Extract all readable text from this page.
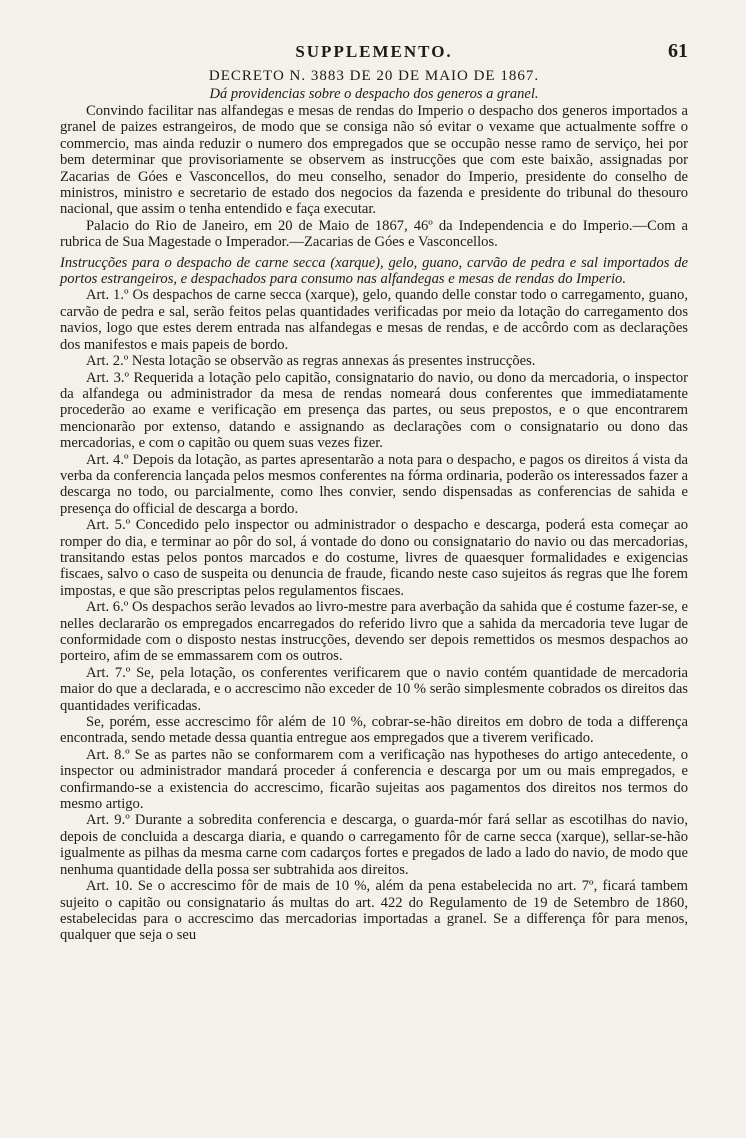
SUPPLEMENTO.	61
DECRETO N. 3883 DE 20 DE MAIO DE 1867.
Dá providencias sobre o despacho dos generos a granel.

Convindo facilitar nas alfandegas e mesas de rendas do Imperio o despacho dos generos importados a granel de paizes estrangeiros, de modo que se consiga não só evitar o vexame que actualmente soffre o commercio, mas ainda reduzir o numero dos empregados que se occupão nesse ramo de serviço, hei por bem determinar que provisoriamente se observem as instrucções que com este baixão, assignadas por Zacarias de Góes e Vasconcellos, do meu conselho, senador do Imperio, presidente do conselho de ministros, ministro e secretario de estado dos negocios da fazenda e presidente do tribunal do thesouro nacional, que assim o tenha entendido e faça executar.

Palacio do Rio de Janeiro, em 20 de Maio de 1867, 46º da Independencia e do Imperio.—Com a rubrica de Sua Magestade o Imperador.—Zacarias de Góes e Vasconcellos.

Instrucções para o despacho de carne secca (xarque), gelo, guano, carvão de pedra e sal importados de portos estrangeiros, e despachados para consumo nas alfandegas e mesas de rendas do Imperio.

Art. 1.º Os despachos de carne secca (xarque), gelo, quando delle constar todo o carregamento, guano, carvão de pedra e sal, serão feitos pelas quantidades verificadas por meio da lotação do carregamento dos navios, logo que estes derem entrada nas alfandegas e mesas de rendas, e de accôrdo com as declarações dos manifestos e mais papeis de bordo.

Art. 2.º Nesta lotação se observão as regras annexas ás presentes instrucções.

Art. 3.º Requerida a lotação pelo capitão, consignatario do navio, ou dono da mercadoria, o inspector da alfandega ou administrador da mesa de rendas nomeará dous conferentes que immediatamente procederão ao exame e verificação em presença das partes, ou seus prepostos, e o que encontrarem mencionarão por extenso, datando e assignando as declarações com o consignatario ou dono das mercadorias, e com o capitão ou quem suas vezes fizer.

Art. 4.º Depois da lotação, as partes apresentarão a nota para o despacho, e pagos os direitos á vista da verba da conferencia lançada pelos mesmos conferentes na fórma ordinaria, poderão os interessados fazer a descarga no todo, ou parcialmente, como lhes convier, sendo dispensadas as conferencias de sahida e presença do official de descarga a bordo.

Art. 5.º Concedido pelo inspector ou administrador o despacho e descarga, poderá esta começar ao romper do dia, e terminar ao pôr do sol, á vontade do dono ou consignatario do navio ou das mercadorias, transitando estas pelos pontos marcados e do costume, livres de quaesquer formalidades e exigencias fiscaes, salvo o caso de suspeita ou denuncia de fraude, ficando neste caso sujeitos ás regras que lhe forem impostas, e que são prescriptas pelos regulamentos fiscaes.

Art. 6.º Os despachos serão levados ao livro-mestre para averbação da sahida que é costume fazer-se, e nelles declararão os empregados encarregados do referido livro que a sahida da mercadoria teve lugar de conformidade com o disposto nestas instrucções, devendo ser depois remettidos os mesmos despachos ao porteiro, afim de se emmassarem com os outros.

Art. 7.º Se, pela lotação, os conferentes verificarem que o navio contém quantidade de mercadoria maior do que a declarada, e o accrescimo não exceder de 10 % serão simplesmente cobrados os direitos das quantidades verificadas.

Se, porém, esse accrescimo fôr além de 10 %, cobrar-se-hão direitos em dobro de toda a differença encontrada, sendo metade dessa quantia entregue aos empregados que a tiverem verificado.

Art. 8.º Se as partes não se conformarem com a verificação nas hypotheses do artigo antecedente, o inspector ou administrador mandará proceder á conferencia e descarga por um ou mais empregados, e confirmando-se a existencia do accrescimo, ficarão sujeitas aos pagamentos dos direitos nos termos do mesmo artigo.

Art. 9.º Durante a sobredita conferencia e descarga, o guarda-mór fará sellar as escotilhas do navio, depois de concluida a descarga diaria, e quando o carregamento fôr de carne secca (xarque), sellar-se-hão igualmente as pilhas da mesma carne com cadarços fortes e pregados de lado a lado do navio, de modo que nenhuma quantidade della possa ser subtrahida aos direitos.

Art. 10. Se o accrescimo fôr de mais de 10 %, além da pena estabelecida no art. 7º, ficará tambem sujeito o capitão ou consignatario ás multas do art. 422 do Regulamento de 19 de Setembro de 1860, estabelecidas para o accrescimo das mercadorias importadas a granel. Se a differença fôr para menos, qualquer que seja o seu
